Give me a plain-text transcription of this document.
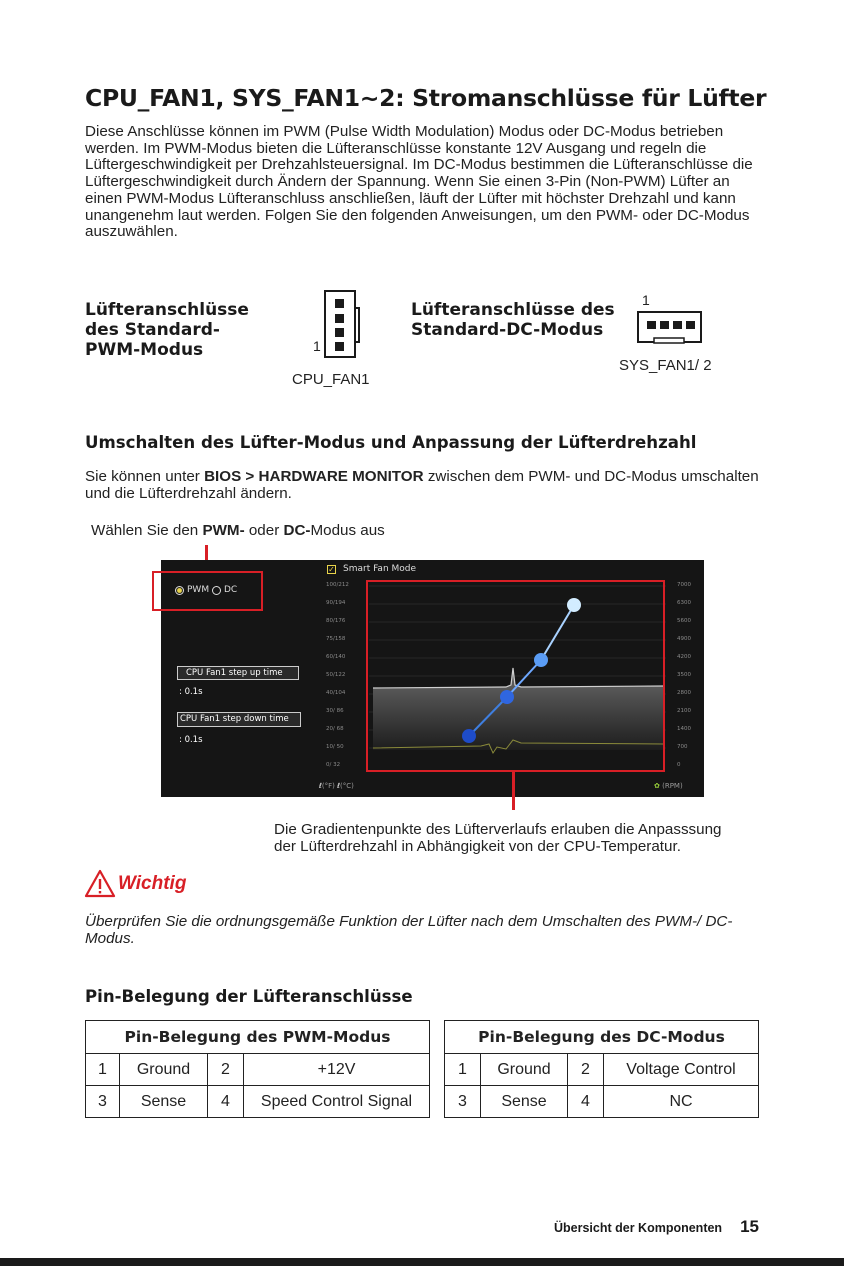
CPU_FAN1, SYS_FAN1~2: Stromanschlüsse für Lüfter

Diese Anschlüsse können im PWM (Pulse Width Modulation) Modus oder DC-Modus betrieben werden. Im PWM-Modus bieten die Lüfteranschlüsse konstante 12V Ausgang und regeln die Lüftergeschwindigkeit per Drehzahlsteuersignal. Im DC-Modus bestimmen die Lüfteranschlüsse die Lüftergeschwindigkeit durch Ändern der Spannung. Wenn Sie einen 3-Pin (Non-PWM) Lüfter an einen PWM-Modus Lüfteranschluss anschließen, läuft der Lüfter mit höchster Drehzahl und kann unangenehm laut werden. Folgen Sie den folgenden Anweisungen, um den PWM- oder DC-Modus auszuwählen.

Lüfteranschlüsse
des Standard-
PWM-Modus	1
CPU_FAN1
Lüfteranschlüsse des
Standard-DC-Modus
1
SYS_FAN1/ 2
Umschalten des Lüfter-Modus und Anpassung der Lüfterdrehzahl

Sie können unter BIOS > HARDWARE MONITOR zwischen dem PWM- und DC-Modus umschalten und die Lüfterdrehzahl ändern.

Wählen Sie den PWM- oder DC-Modus aus

PWM DC
✓ Smart Fan Mode
CPU Fan1 step up time
: 0.1s
CPU Fan1 step down time
: 0.1s
100/212
90/194
80/176
75/158
60/140
50/122
40/104
30/ 86
20/ 68
10/ 50
0/ 32
7000
6300
5600
4900
4200
3500
2800
2100
1400
700
0
ℓ(°F) ℓ(°C)	✿ (RPM)

Die Gradientenpunkte des Lüfterverlaufs erlauben die Anpasssung der Lüfterdrehzahl in Abhängigkeit von der CPU-Temperatur.

Wichtig

Überprüfen Sie die ordnungsgemäße Funktion der Lüfter nach dem Umschalten des PWM-/ DC-Modus.

Pin-Belegung der Lüfteranschlüsse
Pin-Belegung des PWM-Modus			
1	Ground	2	+12V
3	Sense	4	Speed Control Signal
Pin-Belegung des DC-Modus			
1	Ground	2	Voltage Control
3	Sense	4	NC
Übersicht der Komponenten 15
